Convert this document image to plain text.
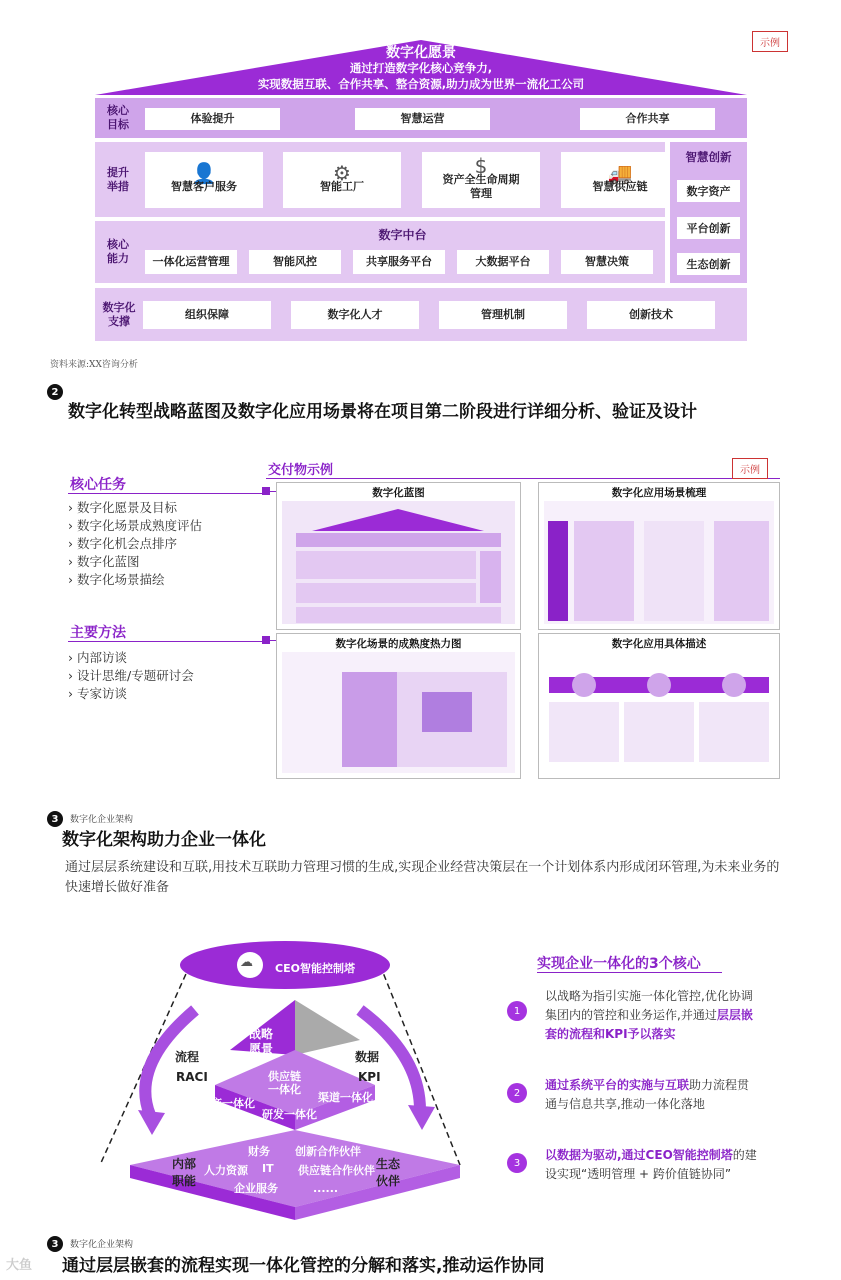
示例
数字化愿景
通过打造数字化核心竞争力,
实现数据互联、合作共享、整合资源,助力成为世界一流化工公司
核心
目标	体验提升	智慧运营	合作共享
提升
举措
👤
智慧客户服务
⚙
智能工厂
$
资产全生命周期
管理
🚚
智慧供应链
核心
能力
数字中台
一体化运营管理	智能风控	共享服务平台	大数据平台	智慧决策
智慧创新
数字资产
平台创新
生态创新
数字化
支撑
组织保障	数字化人才	管理机制	创新技术
资料来源:XX咨询分析
2
数字化转型战略蓝图及数字化应用场景将在项目第二阶段进行详细分析、验证及设计
核心任务
› 数字化愿景及目标
› 数字化场景成熟度评估
› 数字化机会点排序
› 数字化蓝图
› 数字化场景描绘
主要方法
› 内部访谈
› 设计思维/专题研讨会
› 专家访谈
交付物示例	示例
数字化蓝图	数字化应用场景梳理
数字化场景的成熟度热力图	数字化应用具体描述
3	数字化企业架构
数字化架构助力企业一体化
通过层层系统建设和互联,用技术互联助力管理习惯的生成,实现企业经营决策层在一个计划体系内形成闭环管理,为未来业务的快速增长做好准备
CEO智能控制塔
☁
战略
愿景
流程
RACI
数据
KPI
供应链
一体化
渠道一体化
生产一体化
研发一体化
内部
职能
财务
人力资源 IT
企业服务
创新合作伙伴
供应链合作伙伴
......
生态
伙伴
实现企业一体化的3个核心
1
以战略为指引实施一体化管控,优化协调集团内的管控和业务运作,并通过层层嵌套的流程和KPI予以落实
2
通过系统平台的实施与互联助力流程贯通与信息共享,推动一体化落地
3
以数据为驱动,通过CEO智能控制塔的建设实现“透明管理 + 跨价值链协同”
3	数字化企业架构
通过层层嵌套的流程实现一体化管控的分解和落实,推动运作协同
大鱼
